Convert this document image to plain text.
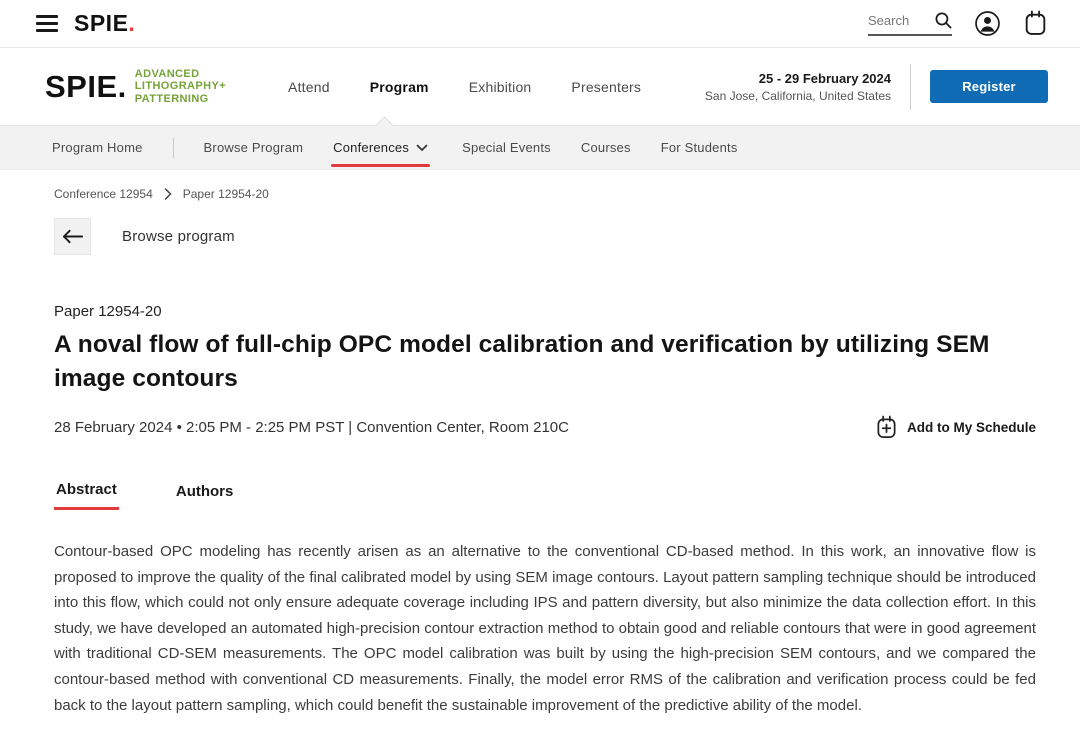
SPIE.
Search
SPIE. ADVANCED
LITHOGRAPHY+
PATTERNING
Attend	Program	Exhibition	Presenters
25 - 29 February 2024
San Jose, California, United States
Register
Program Home	Browse Program Conferences	Special Events Courses For Students
Conference 12954	Paper 12954-20
Browse program
Paper 12954-20
A noval flow of full-chip OPC model calibration and verification by utilizing SEM image contours
28 February 2024 • 2:05 PM - 2:25 PM PST | Convention Center, Room 210C	Add to My Schedule
Abstract	Authors

Contour-based OPC modeling has recently arisen as an alternative to the conventional CD-based method. In this work, an innovative flow is proposed to improve the quality of the final calibrated model by using SEM image contours. Layout pattern sampling technique should be introduced into this flow, which could not only ensure adequate coverage including IPS and pattern diversity, but also minimize the data collection effort. In this study, we have developed an automated high-precision contour extraction method to obtain good and reliable contours that were in good agreement with traditional CD-SEM measurements. The OPC model calibration was built by using the high-precision SEM contours, and we compared the contour-based method with conventional CD measurements. Finally, the model error RMS of the calibration and verification process could be fed back to the layout pattern sampling, which could benefit the sustainable improvement of the predictive ability of the model.
